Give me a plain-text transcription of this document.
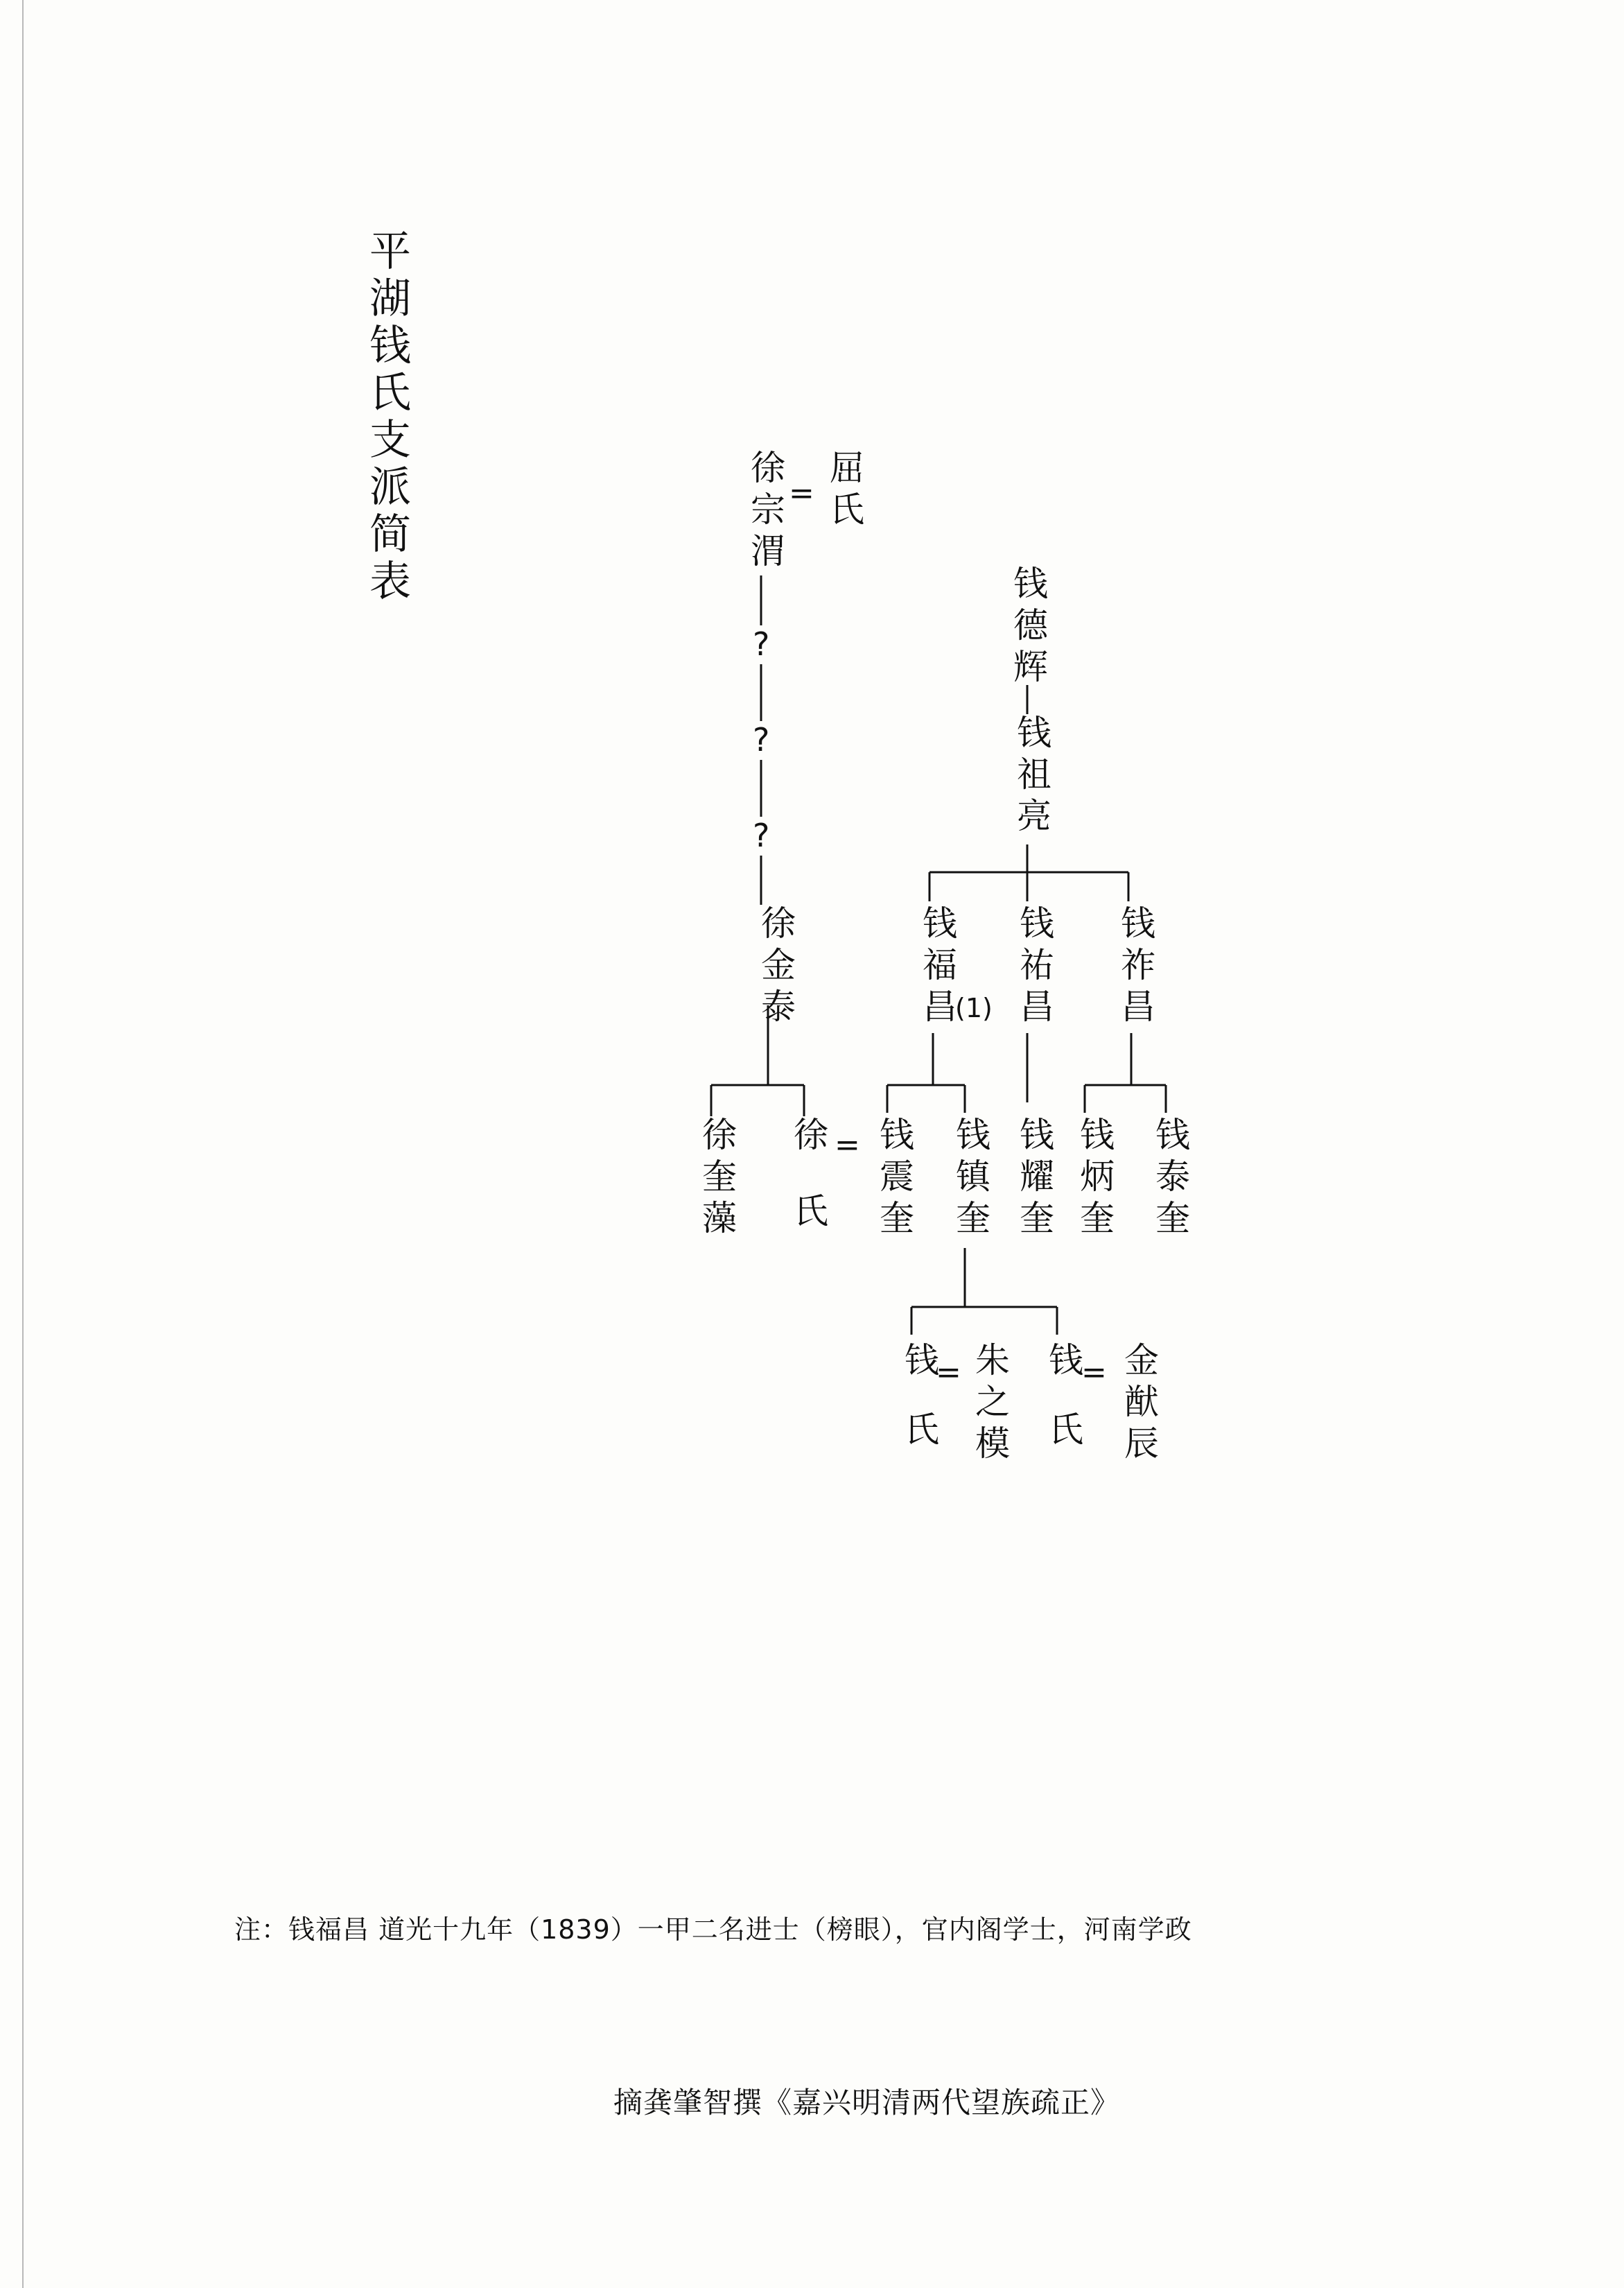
平湖钱氏支派简表	徐宗渭 = 屈氏
?
?
?
徐金泰
徐奎藻 徐氏 =
钱德辉
钱祖亮
钱福昌
(1) 钱祐昌 钱祚昌
钱震奎 钱镇奎 钱耀奎 钱炳奎 钱泰奎
钱氏
= 朱之模 钱氏
= 金猷辰
注：钱福昌 道光十九年（1839）一甲二名进士（榜眼），官内阁学士，河南学政
摘龚肇智撰《嘉兴明清两代望族疏正》
